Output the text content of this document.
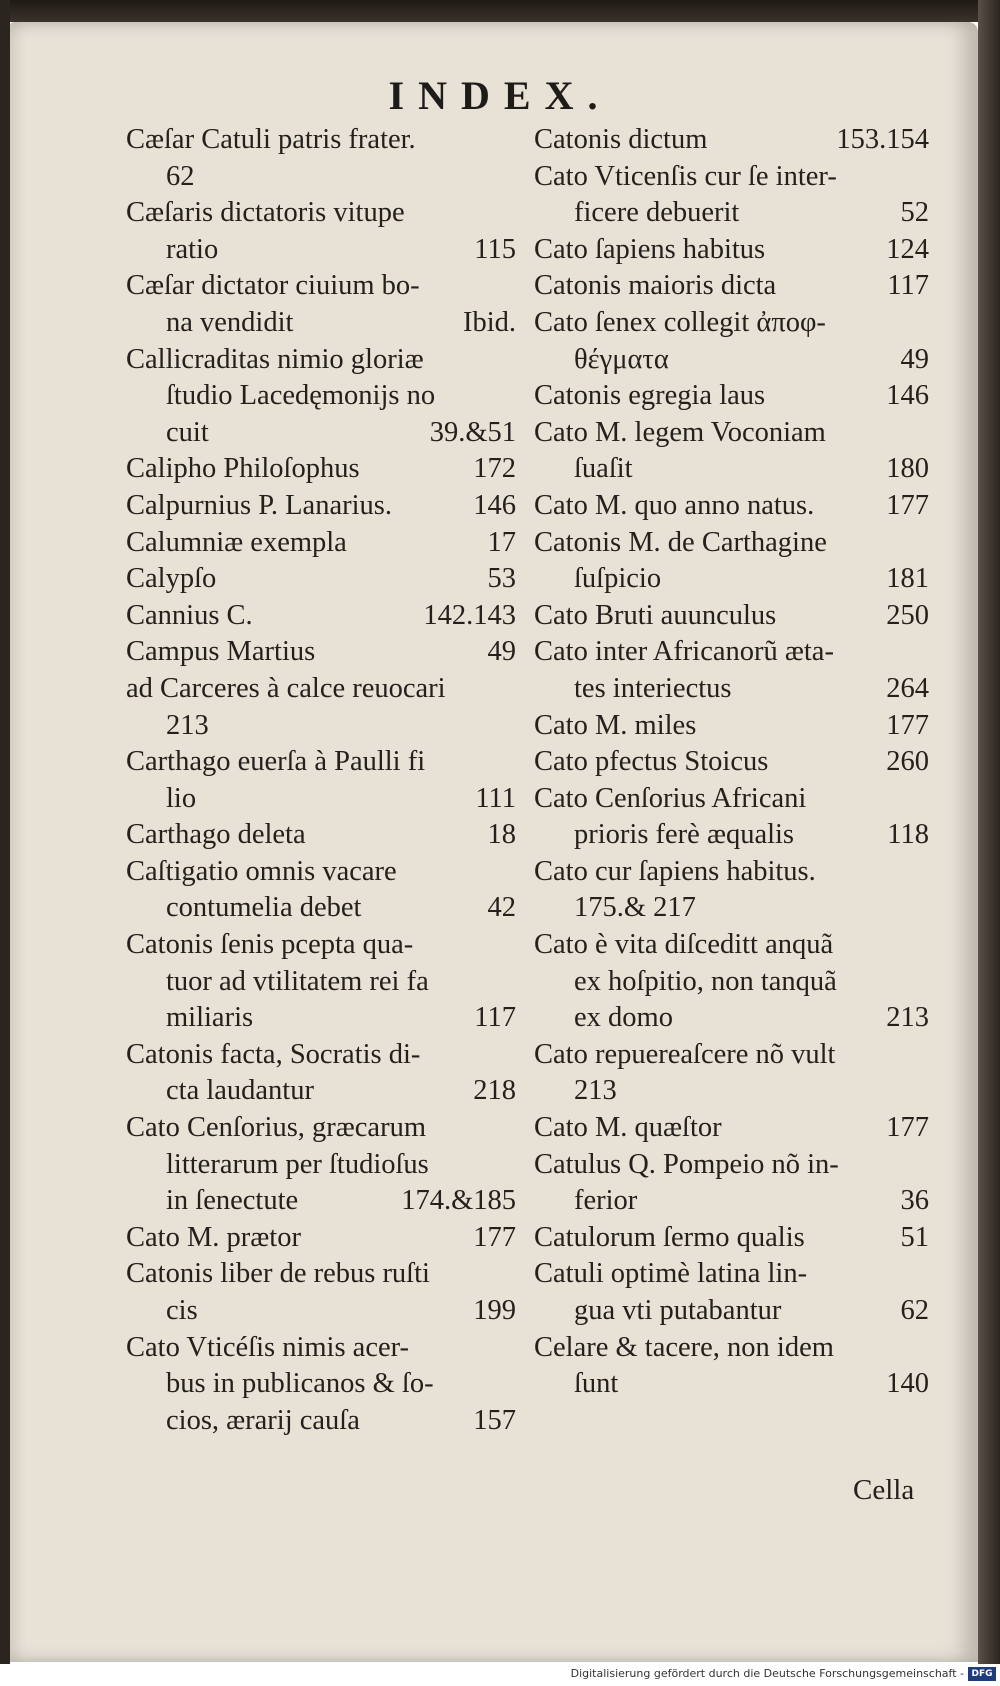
INDEX.
Cæſar Catuli patris frater.
62
Cæſaris dictatoris vitupe
ratio	115
Cæſar dictator ciuium bo-
na vendidit	Ibid.
Callicraditas nimio gloriæ
ſtudio Lacedęmonijs no
cuit	39.&51
Calipho Philoſophus	172
Calpurnius P. Lanarius.	146
Calumniæ exempla	17
Calypſo	53
Cannius C.	142.143
Campus Martius	49
ad Carceres à calce reuocari
213
Carthago euerſa à Paulli fi
lio	111
Carthago deleta	18
Caſtigatio omnis vacare
contumelia debet	42
Catonis ſenis pcepta qua-
tuor ad vtilitatem rei fa
miliaris	117
Catonis facta, Socratis di-
cta laudantur	218
Cato Cenſorius, græcarum
litterarum per ſtudioſus
in ſenectute	174.&185
Cato M. prætor	177
Catonis liber de rebus ruſti
cis	199
Cato Vticéſis nimis acer-
bus in publicanos & ſo-
cios, ærarij cauſa	157
Catonis dictum	153.154
Cato Vticenſis cur ſe inter-
ficere debuerit	52
Cato ſapiens habitus	124
Catonis maioris dicta	117
Cato ſenex collegit ἀποφ-
θέγματα	49
Catonis egregia laus	146
Cato M. legem Voconiam
ſuaſit	180
Cato M. quo anno natus.	177
Catonis M. de Carthagine
ſuſpicio	181
Cato Bruti auunculus	250
Cato inter Africanorũ æta-
tes interiectus	264
Cato M. miles	177
Cato pfectus Stoicus	260
Cato Cenſorius Africani
prioris ferè æqualis	118
Cato cur ſapiens habitus.
175.& 217
Cato è vita diſceditt anquã
ex hoſpitio, non tanquã
ex domo	213
Cato repuereaſcere nõ vult
213
Cato M. quæſtor	177
Catulus Q. Pompeio nõ in-
ferior	36
Catulorum ſermo qualis	51
Catuli optimè latina lin-
gua vti putabantur	62
Celare & tacere, non idem
ſunt	140
Cella
Digitalisierung gefördert durch die Deutsche Forschungsgemeinschaft - DFG
